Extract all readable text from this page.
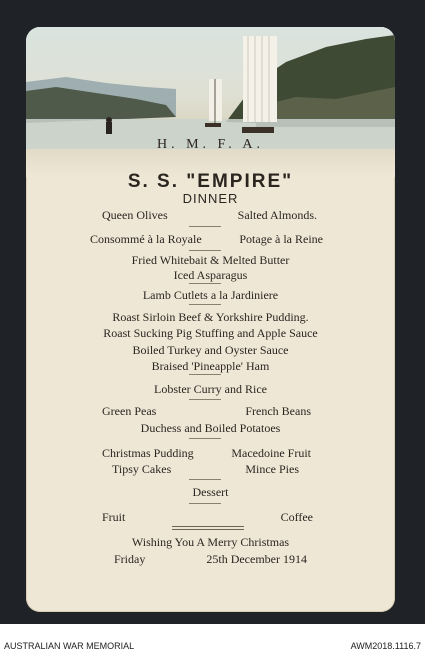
H. M. F. A.
S. S. "EMPIRE"
DINNER
Queen Olives	Salted Almonds.
Consommé à la Royale	Potage à la Reine
Fried Whitebait & Melted Butter
Iced Asparagus
Lamb Cutlets a la Jardiniere
Roast Sirloin Beef & Yorkshire Pudding.
Roast Sucking Pig Stuffing and Apple Sauce
Boiled Turkey and Oyster Sauce
Braised 'Pineapple' Ham
Lobster Curry and Rice
Green Peas	French Beans
Duchess and Boiled Potatoes
Christmas Pudding	Macedoine Fruit
Tipsy Cakes	Mince Pies
Dessert
Fruit	Coffee
Wishing You A Merry Christmas
Friday	25th December 1914
AUSTRALIAN WAR MEMORIAL	AWM2018.1116.7
